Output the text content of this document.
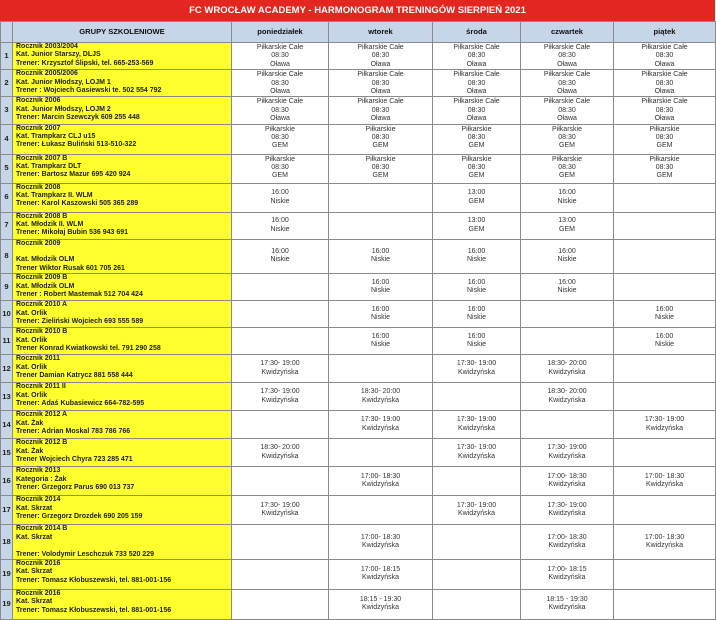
FC WROCŁAW ACADEMY - HARMONOGRAM TRENINGÓW SIERPIEŃ 2021
	GRUPY SZKOLENIOWE	poniedziałek	wtorek	środa	czwartek	piątek
1	Rocznik 2003/2004
Kat. Junior Starszy, DLJS
Trener: Krzysztof Ślipski, tel. 665-253-569	Piłkarskie Całe
08:30
Oława	Piłkarskie Całe
08:30
Oława	Piłkarskie Całe
08:30
Oława	Piłkarskie Całe
08:30
Oława	Piłkarskie Całe
08:30
Oława

2	Rocznik 2005/2006
Kat. Junior Młodszy, LOJM 1
Trener : Wojciech Gasiewski te. 502 554 792	Piłkarskie Całe
08:30
Oława	Piłkarskie Całe
08:30
Oława	Piłkarskie Całe
08:30
Oława	Piłkarskie Całe
08:30
Oława	Piłkarskie Całe
08:30
Oława

3	Rocznik 2006
Kat. Junior Młodszy, LOJM 2
Trener: Marcin Szewczyk 609 255 448	Piłkarskie Całe
08:30
Oława	Piłkarskie Całe
08:30
Oława	Piłkarskie Całe
08:30
Oława	Piłkarskie Całe
08:30
Oława	Piłkarskie Całe
08:30
Oława

4	Rocznik 2007
Kat. Trampkarz CLJ u15
Trener: Łukasz Buliński 513-510-322	Piłkarskie
08:30
GEM	Piłkarskie
08:30
GEM	Piłkarskie
08:30
GEM	Piłkarskie
08:30
GEM	Piłkarskie
08:30
GEM

5	Rocznik 2007 B
Kat. Trampkarz DLT
Trener: Bartosz Mazur 695 420 924	Piłkarskie
08:30
GEM	Piłkarskie
08:30
GEM	Piłkarskie
08:30
GEM	Piłkarskie
08:30
GEM	Piłkarskie
08:30
GEM

6	Rocznik 2008
Kat. Trampkarz II. WLM
Trener: Karol Kaszowski 505 365 289	16:00
Niskie		13:00
GEM	16:00
Niskie	

7	Rocznik 2008 B
Kat. Młodzik II. WLM
Trener: Mikołaj Bubin 536 943 691	16:00
Niskie		13:00
GEM	13:00
GEM	

8	Rocznik 2009

Kat. Młodzik OLM
Trener Wiktor Rusak 601 705 261	16:00
Niskie	16:00
Niskie	16:00
Niskie	16:00
Niskie	

9	Rocznik 2009 B
Kat. Młodzik OLM
Trener : Robert Mastemak 512 704 424		16:00
Niskie	16:00
Niskie	16:00
Niskie	

10	Rocznik 2010 A
Kat. Orlik
Trener: Zieliński Wojciech 693 555 589		16:00
Niskie	16:00
Niskie		16:00
Niskie

11	Rocznik 2010 B
Kat. Orlik
Trener Konrad Kwiatkowski tel. 791 290 258		16:00
Niskie	16:00
Niskie		16:00
Niskie

12	Rocznik 2011
Kat. Orlik
Trener Damian Katrycz 881 558 444	17:30- 19:00
Kwidzyńska		17:30- 19:00
Kwidzyńska	18:30- 20:00
Kwidzyńska	

13	Rocznik 2011 II
Kat. Orlik
Trener: Adaś Kubasiewicz 664-782-595	17:30- 19:00
Kwidzyńska	18:30- 20:00
Kwidzyńska		18:30- 20:00
Kwidzyńska	

14	Rocznik 2012 A
Kat. Żak
Trener: Adrian Moskal 783 786 766		17:30- 19:00
Kwidzyńska	17:30- 19:00
Kwidzyńska		17:30- 19:00
Kwidzyńska

15	Rocznik 2012 B
Kat. Żak
Trener Wojciech Chyra 723 285 471	18:30- 20:00
Kwidzyńska		17:30- 19:00
Kwidzyńska	17:30- 19:00
Kwidzyńska	

16	Rocznik 2013
Kategoria : Żak
Trener: Grzegorz Parus 690 013 737		17:00- 18:30
Kwidzyńska		17:00- 18:30
Kwidzyńska	17:00- 18:30
Kwidzyńska

17	Rocznik 2014
Kat. Skrzat
Trener: Grzegorz Drozdek 690 205 159	17:30- 19:00
Kwidzyńska		17:30- 19:00
Kwidzyńska	17:30- 19:00
Kwidzyńska	

18	Rocznik 2014 B
Kat. Skrzat

Trener: Volodymir Leschczuk 733 520 229		17:00- 18:30
Kwidzyńska		17:00- 18:30
Kwidzyńska	17:00- 18:30
Kwidzyńska

19	Rocznik 2016
Kat. Skrzat
Trener: Tomasz Kłobuszewski, tel. 881-001-156		17:00- 18:15
Kwidzyńska		17:00- 18:15
Kwidzyńska	

19	Rocznik 2016
Kat. Skrzat
Trener: Tomasz Kłobuszewski, tel. 881-001-156		18:15 - 19:30
Kwidzyńska		18:15 - 19:30
Kwidzyńska	
